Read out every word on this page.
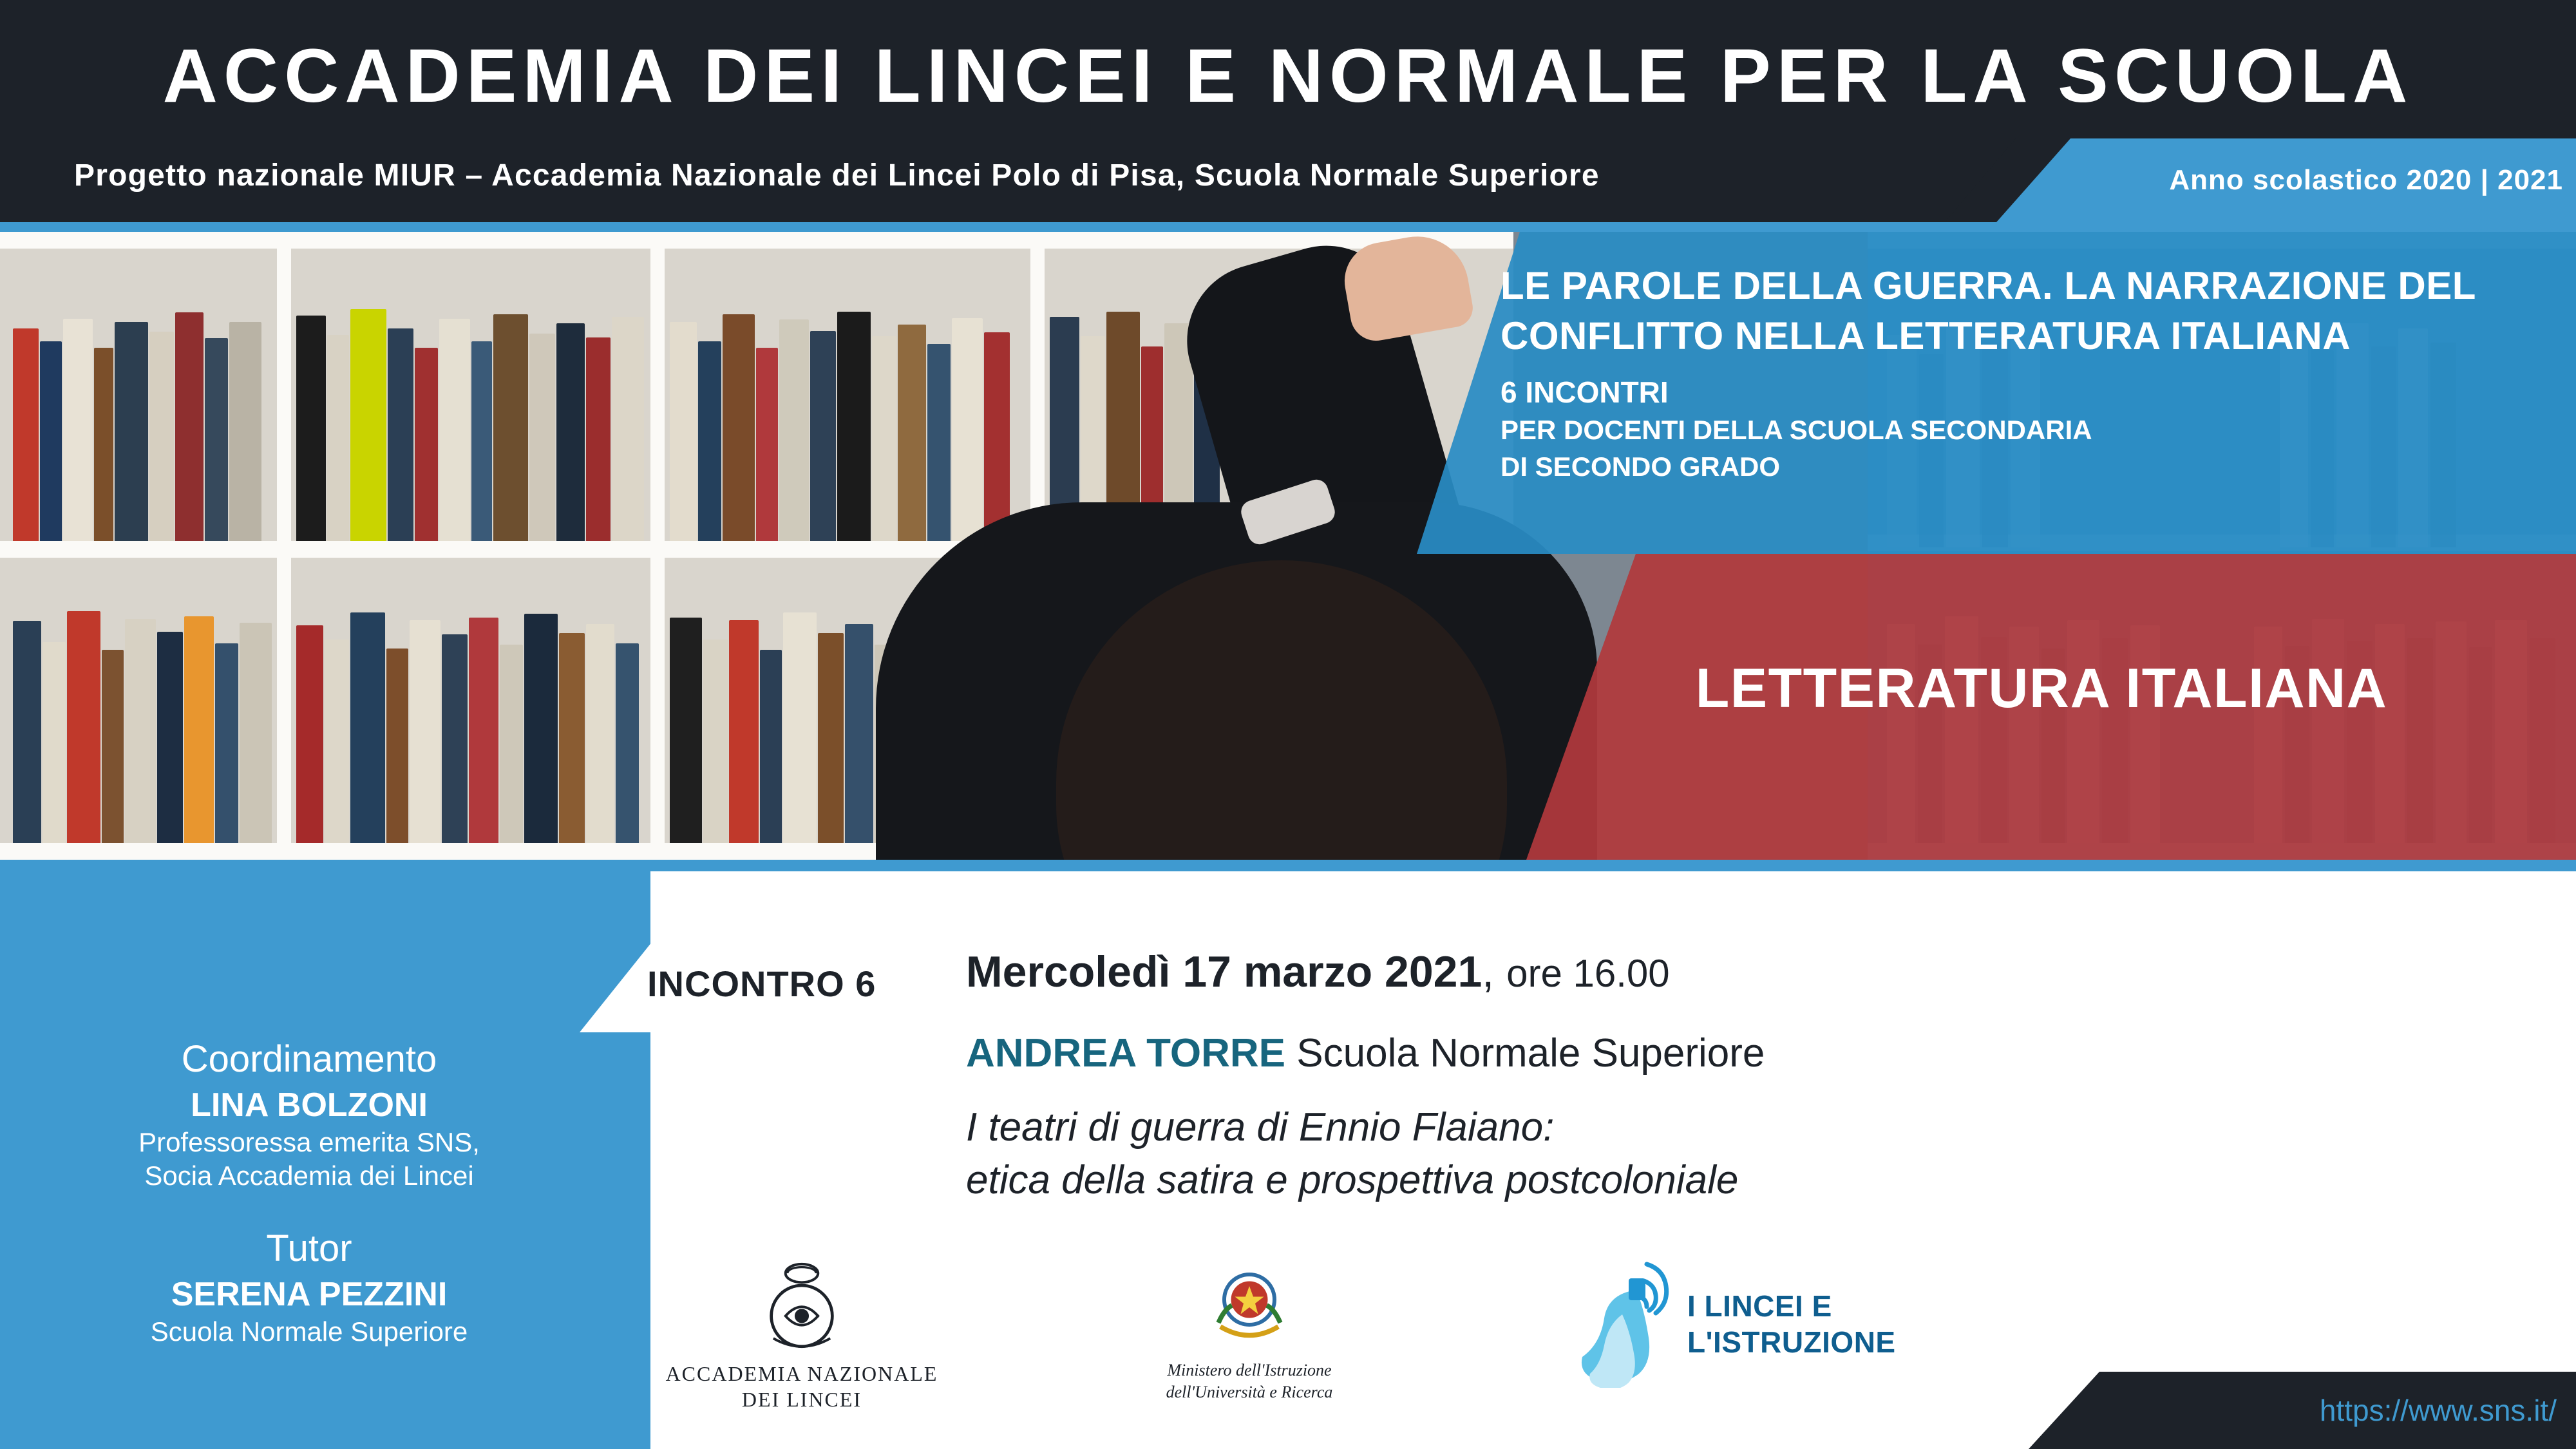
ACCADEMIA DEI LINCEI E NORMALE PER LA SCUOLA
Progetto nazionale MIUR – Accademia Nazionale dei Lincei Polo di Pisa, Scuola Normale Superiore	Anno scolastico 2020 | 2021
LE PAROLE DELLA GUERRA. LA NARRAZIONE DEL
CONFLITTO NELLA LETTERATURA ITALIANA
6 INCONTRI
PER DOCENTI DELLA SCUOLA SECONDARIA
DI SECONDO GRADO
LETTERATURA ITALIANA
Coordinamento
LINA BOLZONI
Professoressa emerita SNS,
Socia Accademia dei Lincei
Tutor
SERENA PEZZINI
Scuola Normale Superiore
INCONTRO 6 Mercoledì 17 marzo 2021, ore 16.00
ANDREA TORRE Scuola Normale Superiore
I teatri di guerra di Ennio Flaiano:
etica della satira e prospettiva postcoloniale
ACCADEMIA NAZIONALE
DEI LINCEI
Ministero dell'Istruzione
dell'Università e Ricerca
I LINCEI E
L'ISTRUZIONE
https://www.sns.it/
